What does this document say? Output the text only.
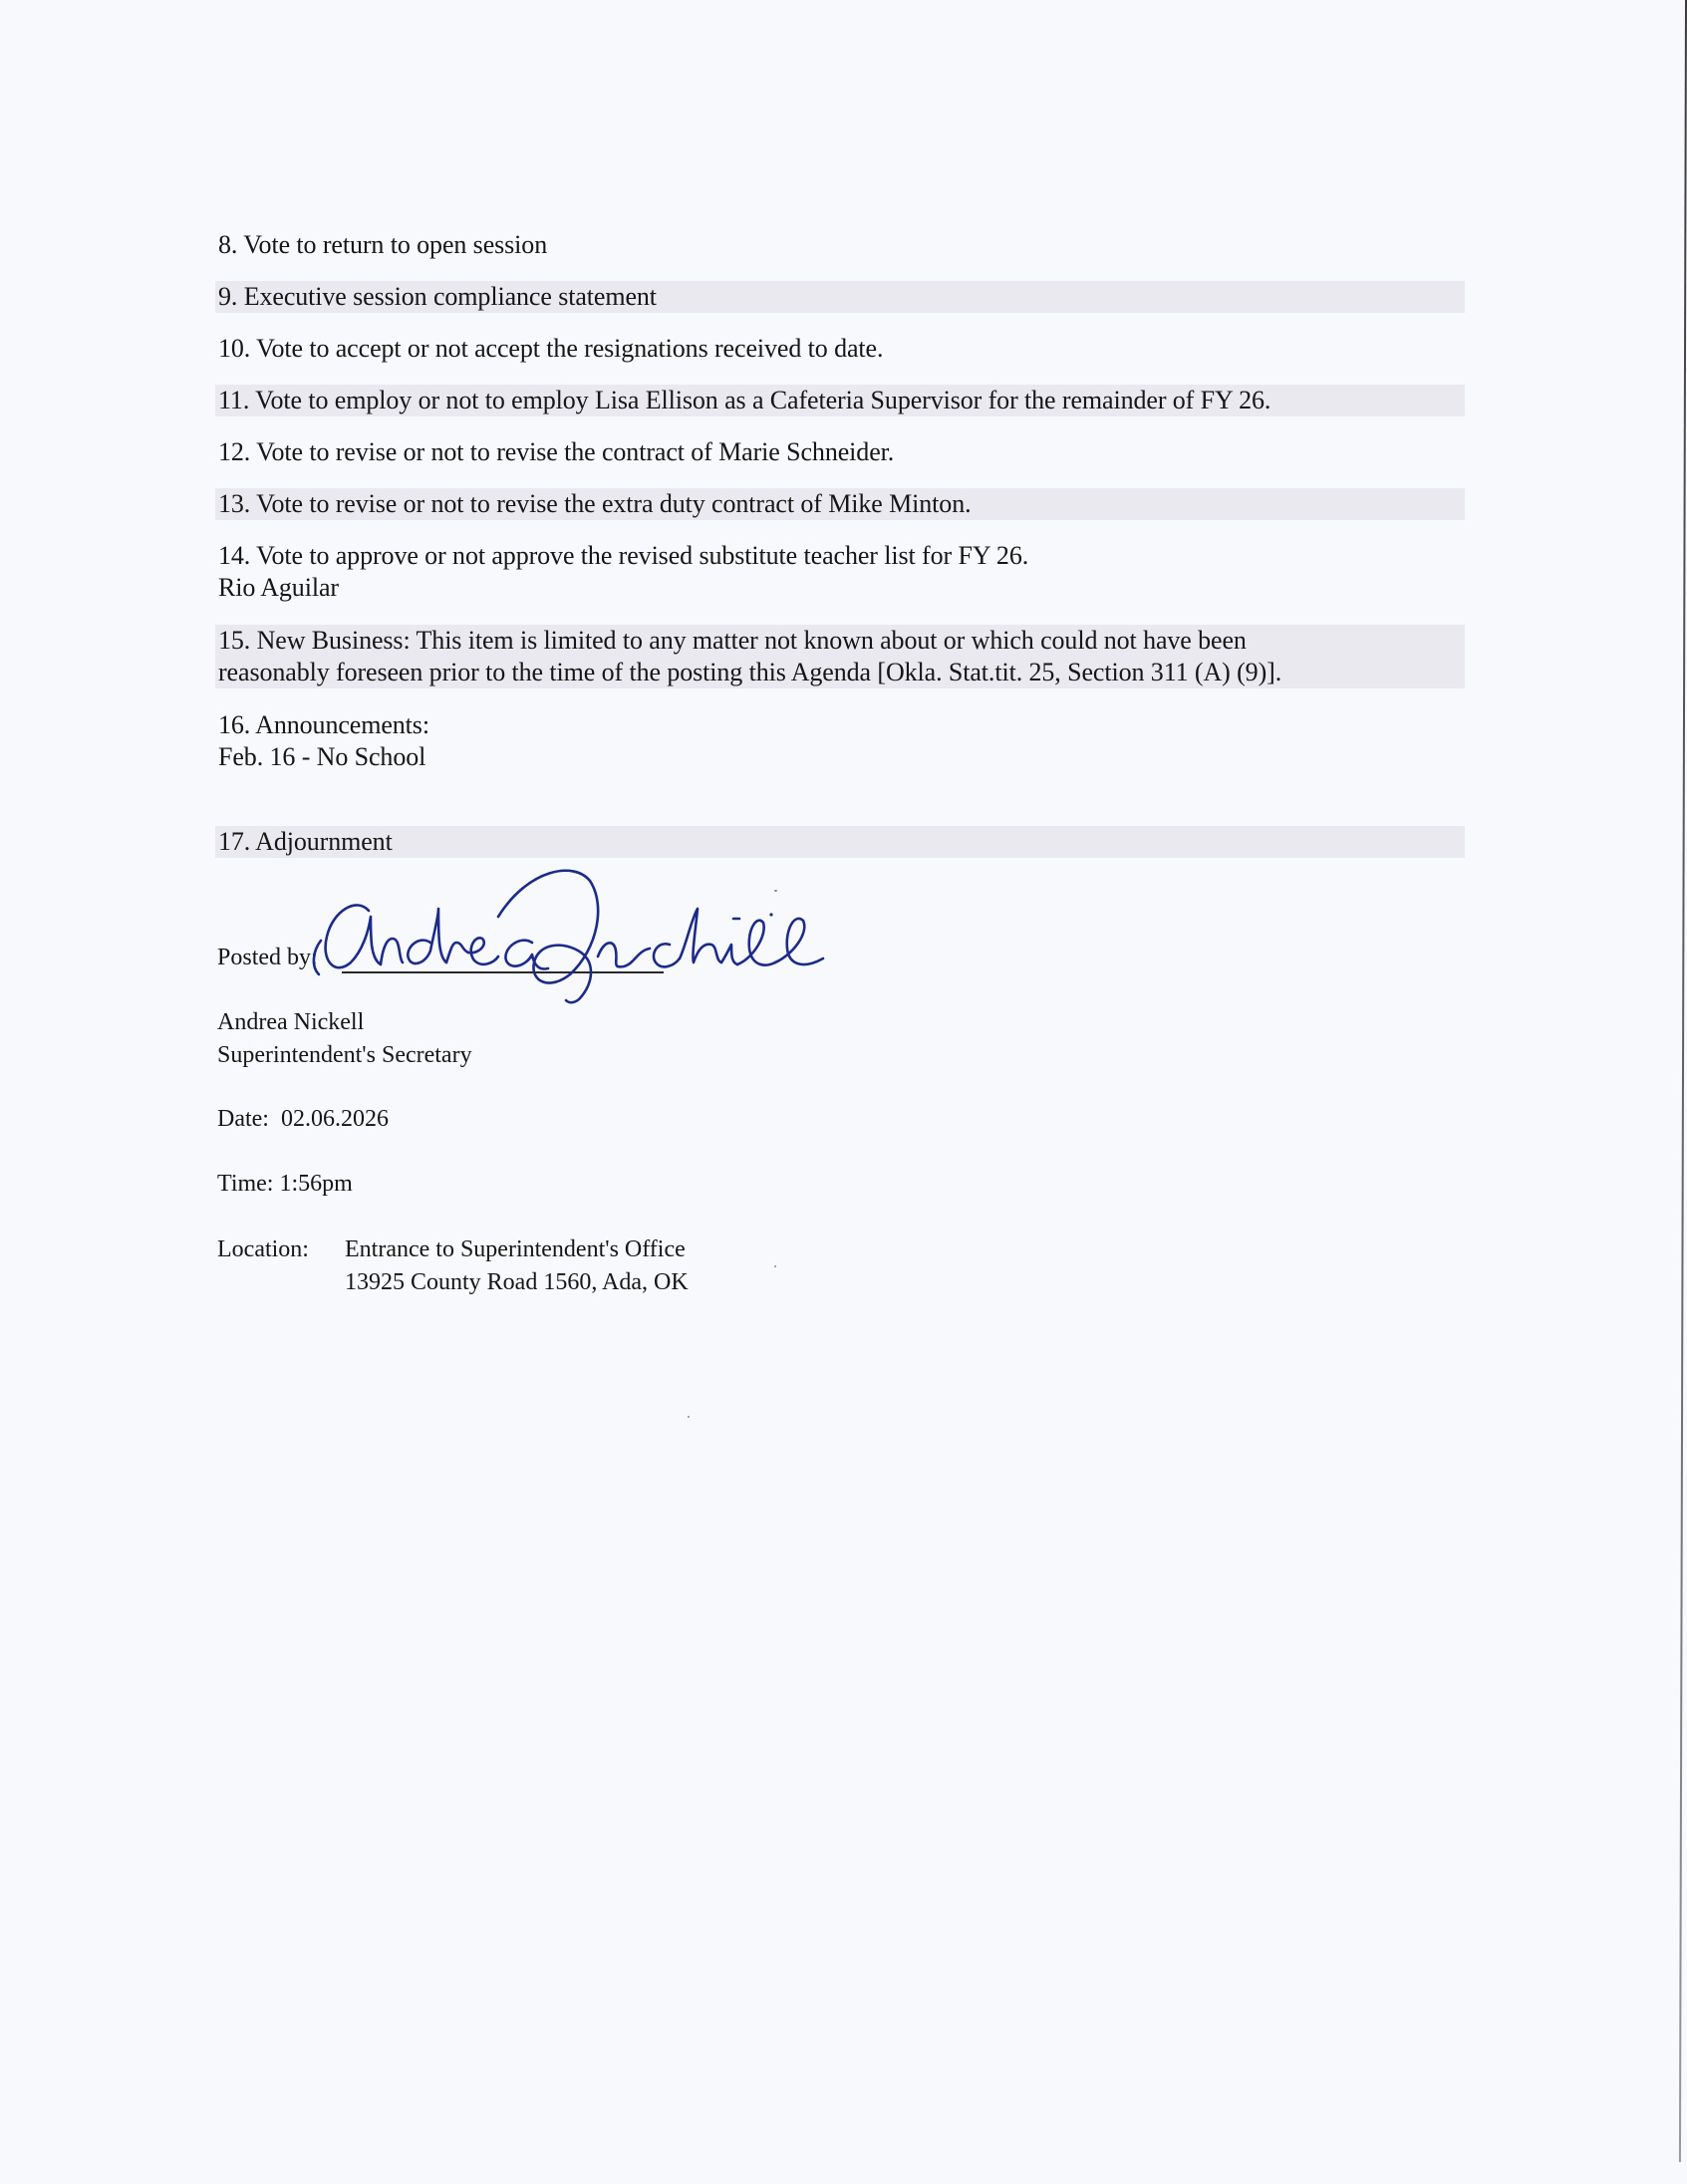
8. Vote to return to open session
9. Executive session compliance statement
10. Vote to accept or not accept the resignations received to date.
11. Vote to employ or not to employ Lisa Ellison as a Cafeteria Supervisor for the remainder of FY 26.
12. Vote to revise or not to revise the contract of Marie Schneider.
13. Vote to revise or not to revise the extra duty contract of Mike Minton.
14. Vote to approve or not approve the revised substitute teacher list for FY 26.
Rio Aguilar
15. New Business: This item is limited to any matter not known about or which could not have been
reasonably foreseen prior to the time of the posting this Agenda [Okla. Stat.tit. 25, Section 311 (A) (9)].
16. Announcements:
Feb. 16 - No School
17. Adjournment
Posted by:
Andrea Nickell
Superintendent's Secretary
Date:  02.06.2026
Time: 1:56pm
Location: Entrance to Superintendent's Office
13925 County Road 1560, Ada, OK
